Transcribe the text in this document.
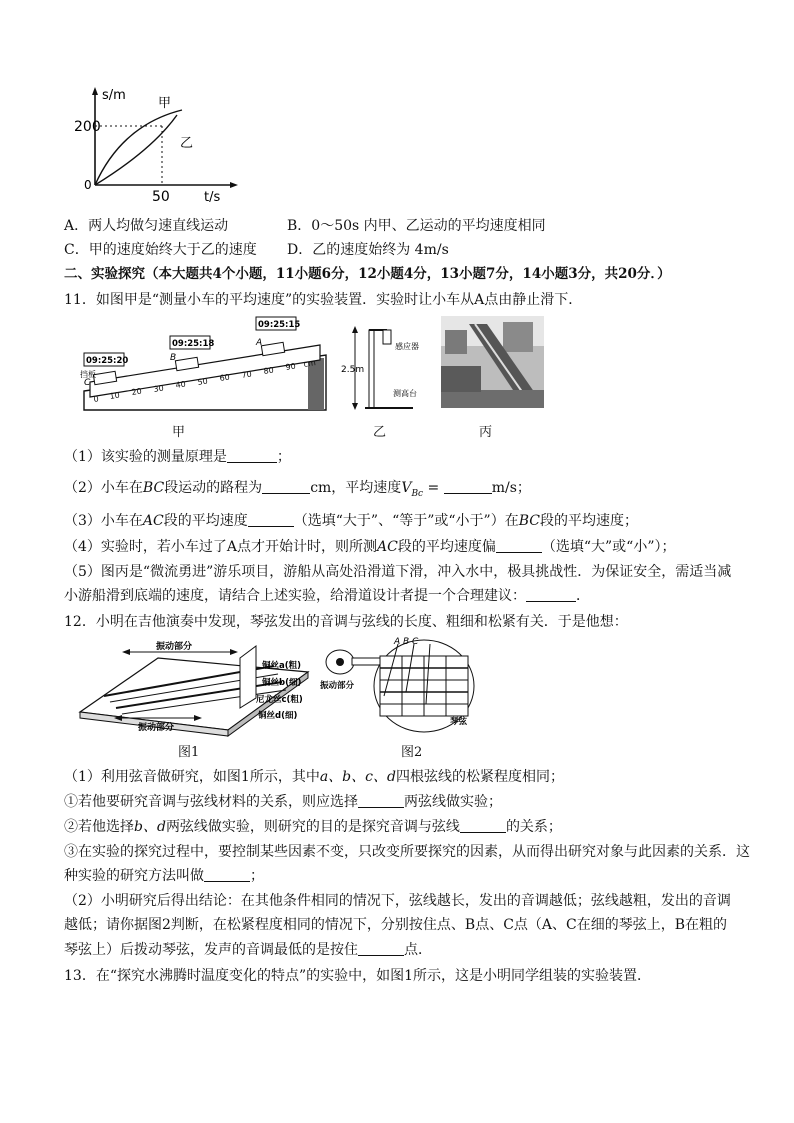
s/m
t/s
200
50
0
甲
乙
A．两人均做匀速直线运动	B．0～50s 内甲、乙运动的平均速度相同
C．甲的速度始终大于乙的速度 D．乙的速度始终为 4m/s
二、实验探究（本大题共4个小题，11小题6分，12小题4分，13小题7分，14小题3分，共20分．）
11．如图甲是“测量小车的平均速度”的实验装置．实验时让小车从A点由静止滑下．
0 10 20 30 40 50 60 70 80 90 cm
09:25:20
09:25:18
09:25:15
A
B
C
挡板
甲
2.5m
感应器
测高台
乙	丙
（1）该实验的测量原理是	；
（2）小车在BC段运动的路程为	cm，平均速度$V_{Bc}$ =	m/s；
（3）小车在AC段的平均速度	（选填“大于”、“等于”或“小于”）在BC段的平均速度；
（4）实验时，若小车过了A点才开始计时，则所测AC段的平均速度偏	（选填“大”或“小”）；
（5）图丙是“微流勇进”游乐项目，游船从高处沿滑道下滑，冲入水中，极具挑战性．为保证安全，需适当减
小游船滑到底端的速度，请结合上述实验，给滑道设计者提一个合理建议：	．
12．小明在吉他演奏中发现，琴弦发出的音调与弦线的长度、粗细和松紧有关．于是他想：
振动部分
振动部分
铜丝a(粗)
铜丝b(细)
尼龙丝c(粗)
铜丝d(细)
图1
A B C
振动部分
琴弦
图2
（1）利用弦音做研究，如图1所示，其中a、b、c、d四根弦线的松紧程度相同；
①若他要研究音调与弦线材料的关系，则应选择	两弦线做实验；
②若他选择b、d两弦线做实验，则研究的目的是探究音调与弦线	的关系；
③在实验的探究过程中，要控制某些因素不变，只改变所要探究的因素，从而得出研究对象与此因素的关系．这
种实验的研究方法叫做	；
（2）小明研究后得出结论：在其他条件相同的情况下，弦线越长，发出的音调越低；弦线越粗，发出的音调
越低；请你据图2判断，在松紧程度相同的情况下，分别按住点、B点、C点（A、C在细的琴弦上，B在粗的
琴弦上）后拨动琴弦，发声的音调最低的是按住	点．
13．在“探究水沸腾时温度变化的特点”的实验中，如图1所示，这是小明同学组装的实验装置．
